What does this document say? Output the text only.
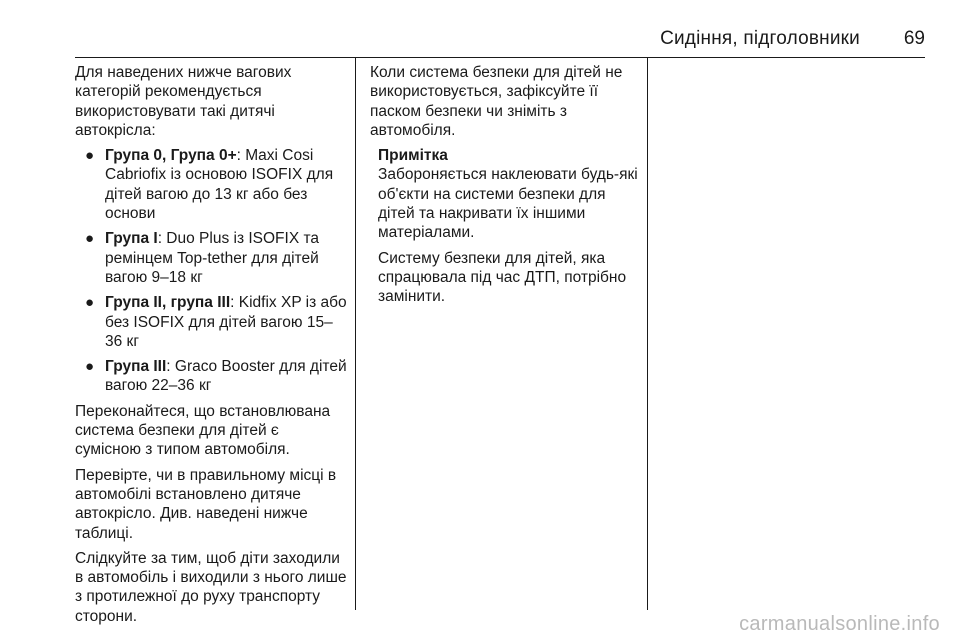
Сидіння, підголовники 69

Для наведених нижче вагових категорій рекомендується використовувати такі дитячі автокрісла:

● Група 0, Група 0+: Maxi Cosi Cabriofix із основою ISOFIX для дітей вагою до 13 кг або без основи
● Група I: Duo Plus із ISOFIX та ремінцем Top-tether для дітей вагою 9–18 кг
● Група II, група III: Kidfix XP із або без ISOFIX для дітей вагою 15–36 кг
● Група III: Graco Booster для дітей вагою 22–36 кг

Переконайтеся, що встановлювана система безпеки для дітей є сумісною з типом автомобіля.

Перевірте, чи в правильному місці в автомобілі встановлено дитяче автокрісло. Див. наведені нижче таблиці.

Слідкуйте за тим, щоб діти заходили в автомобіль і виходили з нього лише з протилежної до руху транспорту сторони.

Коли система безпеки для дітей не використовується, зафіксуйте її паском безпеки чи зніміть з автомобіля.

Примітка

Забороняється наклеювати будь-які об'єкти на системи безпеки для дітей та накривати їх іншими матеріалами.

Систему безпеки для дітей, яка спрацювала під час ДТП, потрібно замінити.

carmanualsonline.info
